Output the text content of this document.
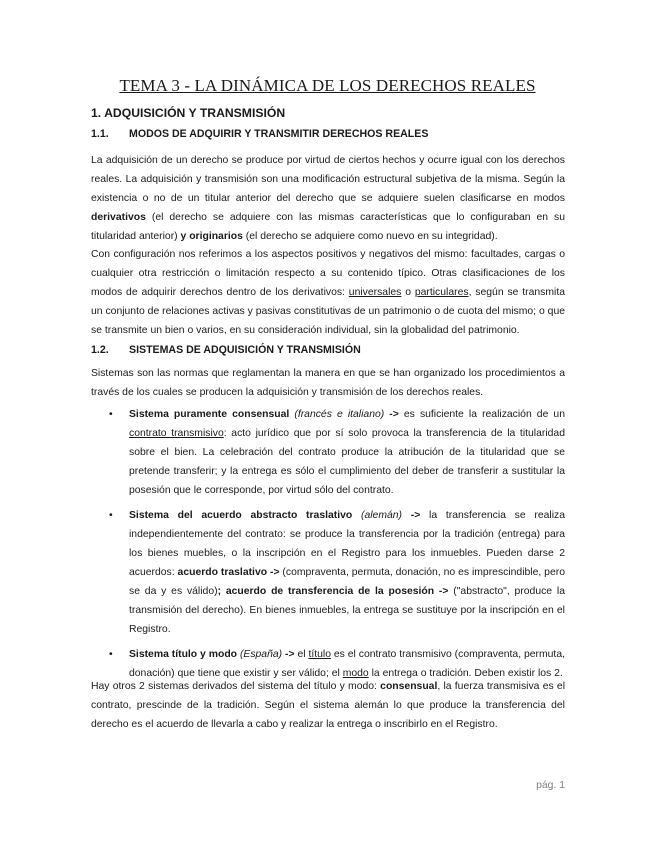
TEMA 3 - LA DINÁMICA DE LOS DERECHOS REALES
1. ADQUISICIÓN Y TRANSMISIÓN
1.1. MODOS DE ADQUIRIR Y TRANSMITIR DERECHOS REALES
La adquisición de un derecho se produce por virtud de ciertos hechos y ocurre igual con los derechos reales. La adquisición y transmisión son una modificación estructural subjetiva de la misma. Según la existencia o no de un titular anterior del derecho que se adquiere suelen clasificarse en modos derivativos (el derecho se adquiere con las mismas características que lo configuraban en su titularidad anterior) y originarios (el derecho se adquiere como nuevo en su integridad).
Con configuración nos referimos a los aspectos positivos y negativos del mismo: facultades, cargas o cualquier otra restricción o limitación respecto a su contenido típico. Otras clasificaciones de los modos de adquirir derechos dentro de los derivativos: universales o particulares, según se transmita un conjunto de relaciones activas y pasivas constitutivas de un patrimonio o de cuota del mismo; o que se transmite un bien o varios, en su consideración individual, sin la globalidad del patrimonio.
1.2. SISTEMAS DE ADQUISICIÓN Y TRANSMISIÓN
Sistemas son las normas que reglamentan la manera en que se han organizado los procedimientos a través de los cuales se producen la adquisición y transmisión de los derechos reales.
• Sistema puramente consensual (francés e italiano) -> es suficiente la realización de un contrato transmisivo: acto jurídico que por sí solo provoca la transferencia de la titularidad sobre el bien. La celebración del contrato produce la atribución de la titularidad que se pretende transferir; y la entrega es sólo el cumplimiento del deber de transferir a sustitular la posesión que le corresponde, por virtud sólo del contrato.
• Sistema del acuerdo abstracto traslativo (alemán) -> la transferencia se realiza independientemente del contrato: se produce la transferencia por la tradición (entrega) para los bienes muebles, o la inscripción en el Registro para los inmuebles. Pueden darse 2 acuerdos: acuerdo traslativo -> (compraventa, permuta, donación, no es imprescindible, pero se da y es válido); acuerdo de transferencia de la posesión -> ("abstracto", produce la transmisión del derecho). En bienes inmuebles, la entrega se sustituye por la inscripción en el Registro.
• Sistema título y modo (España) -> el título es el contrato transmisivo (compraventa, permuta, donación) que tiene que existir y ser válido; el modo la entrega o tradición. Deben existir los 2.
Hay otros 2 sistemas derivados del sistema del título y modo: consensual, la fuerza transmisiva es el contrato, prescinde de la tradición. Según el sistema alemán lo que produce la transferencia del derecho es el acuerdo de llevarla a cabo y realizar la entrega o inscribirlo en el Registro.
pág. 1
